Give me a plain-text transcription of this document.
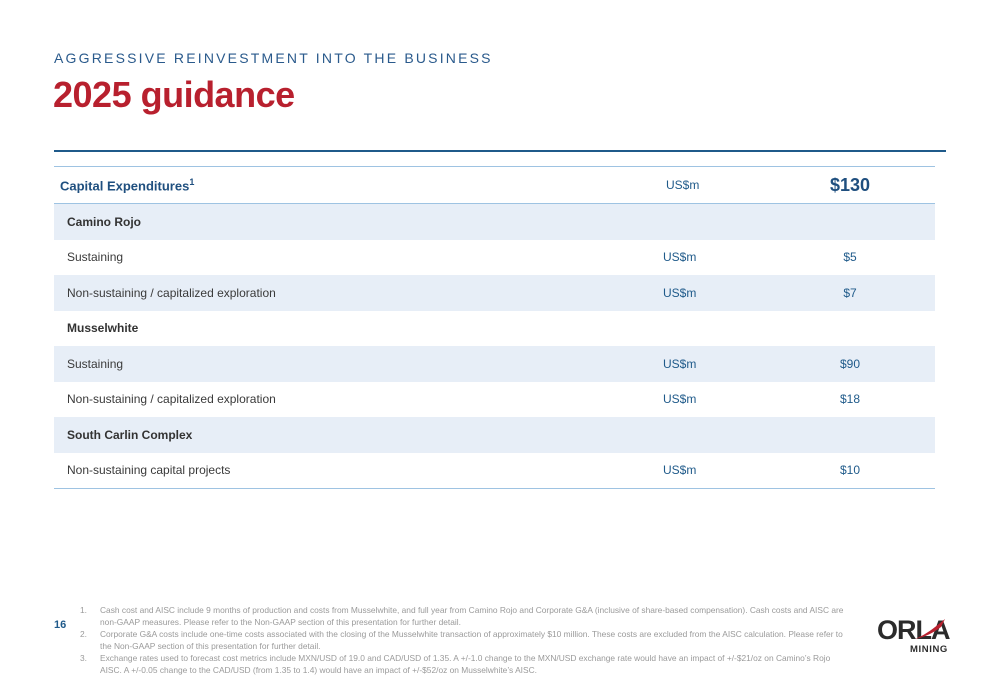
AGGRESSIVE REINVESTMENT INTO THE BUSINESS
2025 guidance
Capital Expenditures$^1$	US$m	$130
Camino Rojo
Sustaining	US$m	$5
Non-sustaining / capitalized exploration	US$m	$7
Musselwhite
Sustaining	US$m	$90
Non-sustaining / capitalized exploration	US$m	$18
South Carlin Complex
Non-sustaining capital projects	US$m	$10
16
1. Cash cost and AISC include 9 months of production and costs from Musselwhite, and full year from Camino Rojo and Corporate G&A (inclusive of share-based compensation). Cash costs and AISC are non-GAAP measures. Please refer to the Non-GAAP section of this presentation for further detail.
2. Corporate G&A costs include one-time costs associated with the closing of the Musselwhite transaction of approximately $10 million. These costs are excluded from the AISC calculation. Please refer to the Non-GAAP section of this presentation for further detail.
3. Exchange rates used to forecast cost metrics include MXN/USD of 19.0 and CAD/USD of 1.35. A +/-1.0 change to the MXN/USD exchange rate would have an impact of +/-$21/oz on Camino’s Rojo AISC. A +/-0.05 change to the CAD/USD (from 1.35 to 1.4) would have an impact of +/-$52/oz on Musselwhite’s AISC.
ORLA
MINING
